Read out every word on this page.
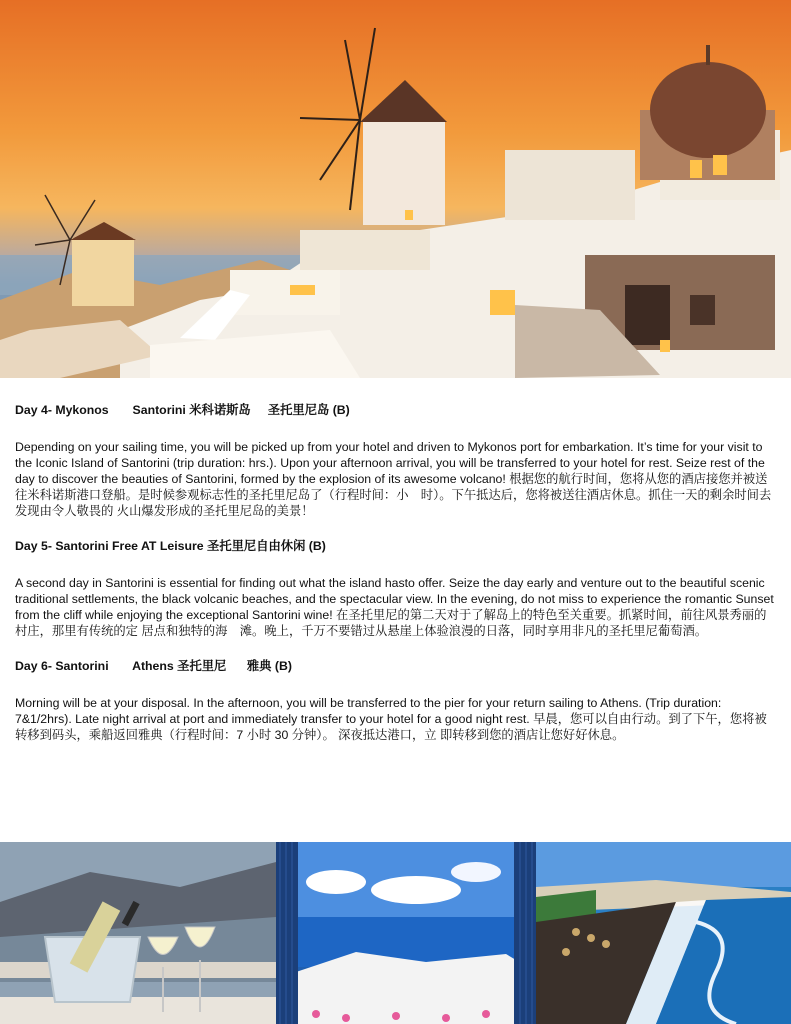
Day 4- Mykonos       Santorini 米科诺斯岛     圣托里尼岛 (B)

Depending on your sailing time, you will be picked up from your hotel and driven to Mykonos port for embarkation. It’s time for your visit to the Iconic Island of Santorini (trip duration: hrs.). Upon your afternoon arrival, you will be transferred to your hotel for rest. Seize rest of the day to discover the beauties of Santorini, formed by the explosion of its awesome volcano! 根据您的航行时间，您将从您的酒店接您并被送往米科诺斯港口登船。是时候参观标志性的圣托里尼岛了（行程时间：小　时）。下午抵达后，您将被送往酒店休息。抓住一天的剩余时间去发现由令人敬畏的 火山爆发形成的圣托里尼岛的美景！

Day 5- Santorini Free AT Leisure 圣托里尼自由休闲 (B)

A second day in Santorini is essential for finding out what the island hasto offer. Seize the day early and venture out to the beautiful scenic traditional settlements, the black volcanic beaches, and the spectacular view. In the evening, do not miss to experience the romantic Sunset from the cliff while enjoying the exceptional Santorini wine! 在圣托里尼的第二天对于了解岛上的特色至关重要。抓紧时间，前往风景秀丽的村庄，那里有传统的定 居点和独特的海　滩。晚上，千万不要错过从悬崖上体验浪漫的日落，同时享用非凡的圣托里尼葡萄酒。

Day 6- Santorini       Athens 圣托里尼      雅典 (B)

Morning will be at your disposal. In the afternoon, you will be transferred to the pier for your return sailing to Athens. (Trip duration: 7&1/2hrs). Late night arrival at port and immediately transfer to your hotel for a good night rest. 早晨，您可以自由行动。到了下午，您将被转移到码头，乘船返回雅典（行程时间：7 小时 30 分钟）。 深夜抵达港口，立 即转移到您的酒店让您好好休息。
